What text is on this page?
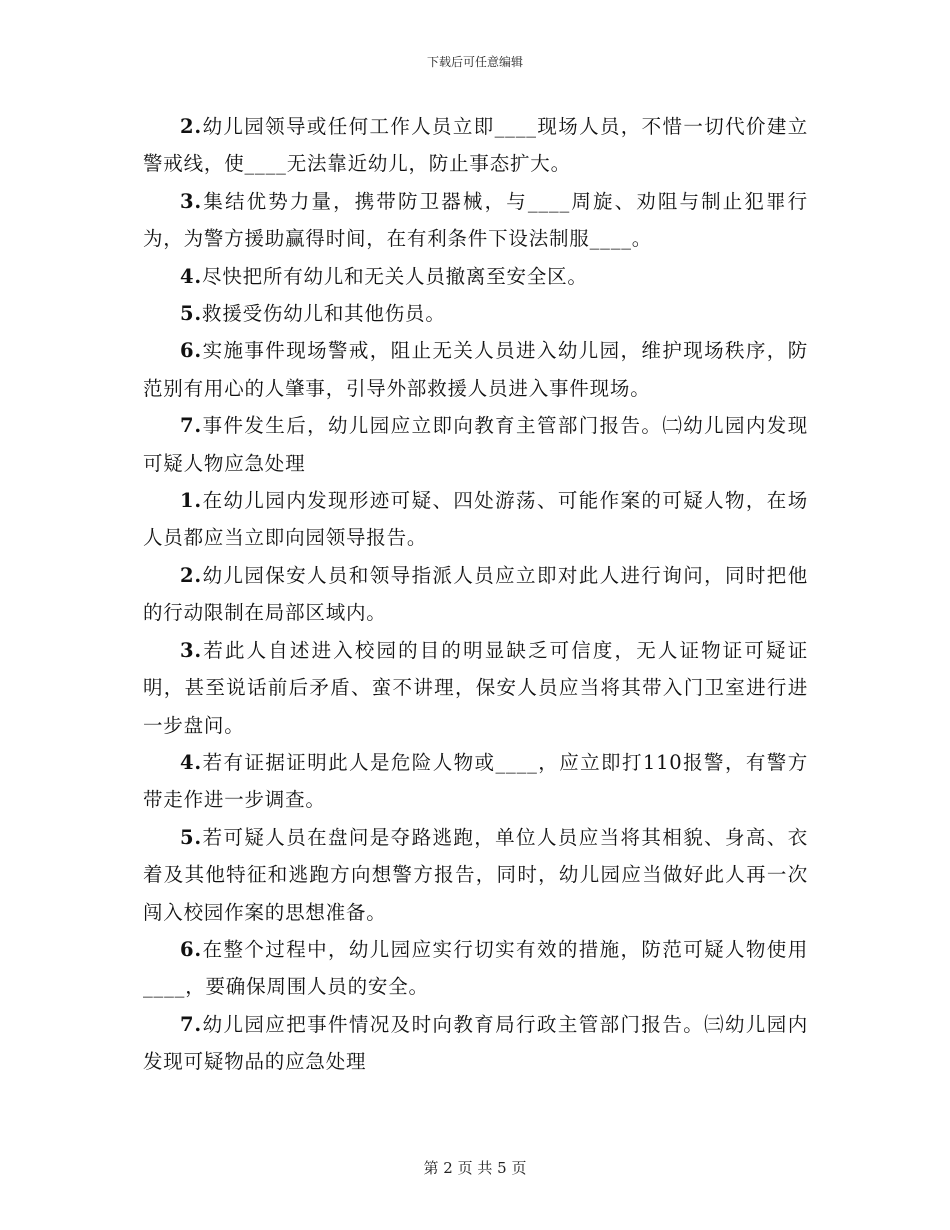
下载后可任意编辑

2.幼儿园领导或任何工作人员立即____现场人员，不惜一切代价建立警戒线，使____无法靠近幼儿，防止事态扩大。

3.集结优势力量，携带防卫器械，与____周旋、劝阻与制止犯罪行为，为警方援助赢得时间，在有利条件下设法制服____。

4.尽快把所有幼儿和无关人员撤离至安全区。

5.救援受伤幼儿和其他伤员。

6.实施事件现场警戒，阻止无关人员进入幼儿园，维护现场秩序，防范别有用心的人肇事，引导外部救援人员进入事件现场。

7.事件发生后，幼儿园应立即向教育主管部门报告。㈡幼儿园内发现可疑人物应急处理

1.在幼儿园内发现形迹可疑、四处游荡、可能作案的可疑人物，在场人员都应当立即向园领导报告。

2.幼儿园保安人员和领导指派人员应立即对此人进行询问，同时把他的行动限制在局部区域内。

3.若此人自述进入校园的目的明显缺乏可信度，无人证物证可疑证明，甚至说话前后矛盾、蛮不讲理，保安人员应当将其带入门卫室进行进一步盘问。

4.若有证据证明此人是危险人物或____，应立即打110报警，有警方带走作进一步调查。

5.若可疑人员在盘问是夺路逃跑，单位人员应当将其相貌、身高、衣着及其他特征和逃跑方向想警方报告，同时，幼儿园应当做好此人再一次闯入校园作案的思想准备。

6.在整个过程中，幼儿园应实行切实有效的措施，防范可疑人物使用____，要确保周围人员的安全。

7.幼儿园应把事件情况及时向教育局行政主管部门报告。㈢幼儿园内发现可疑物品的应急处理

第 2 页 共 5 页
